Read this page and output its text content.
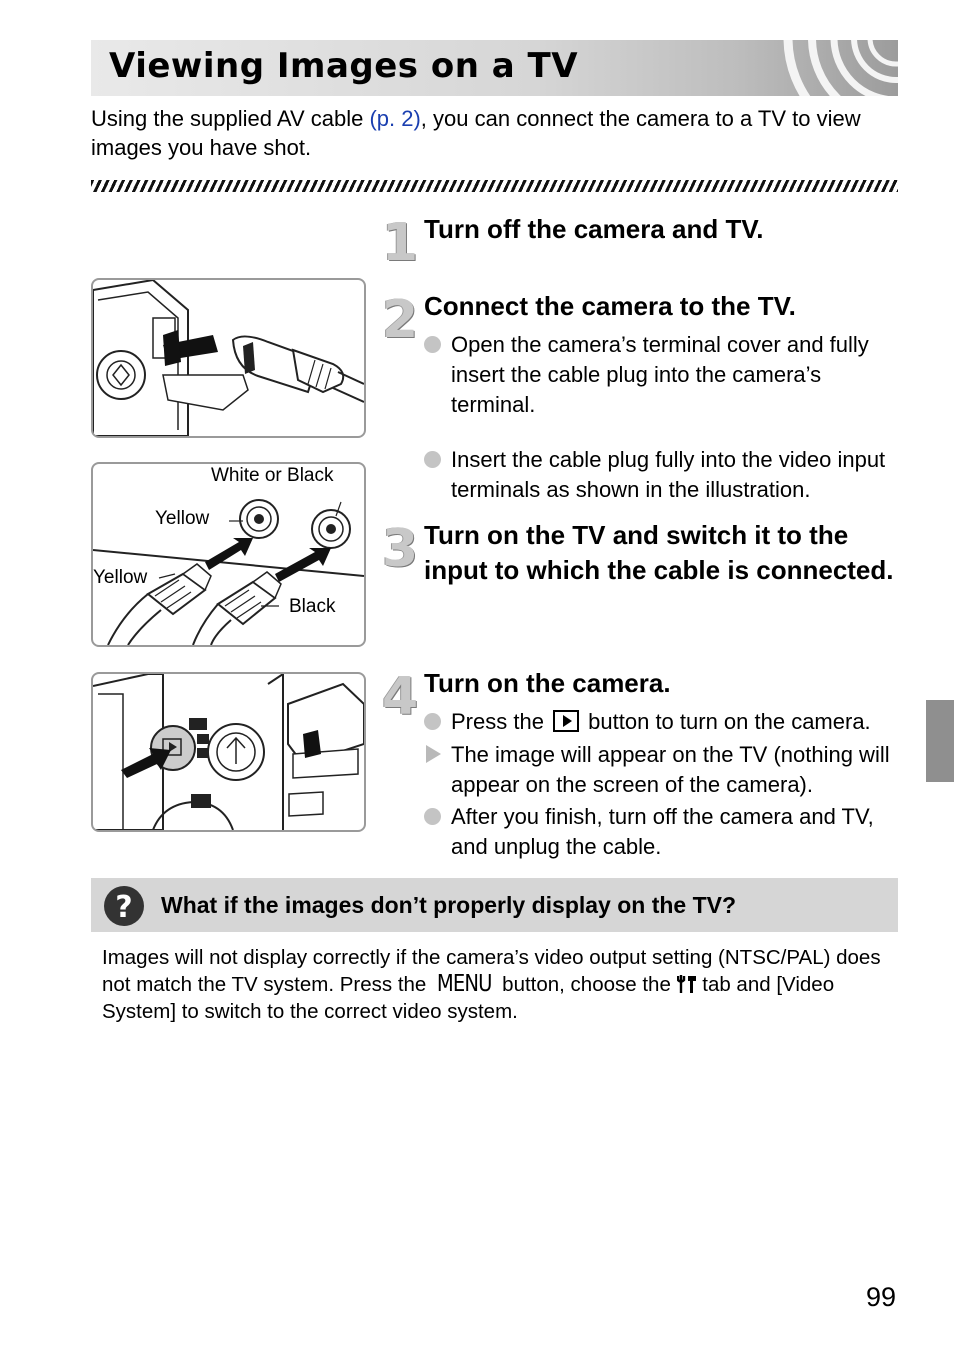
Viewing Images on a TV
Using the supplied AV cable (p. 2), you can connect the camera to a TV to view images you have shot.
1 Turn off the camera and TV.
2 Connect the camera to the TV.
Open the camera’s terminal cover and fully insert the cable plug into the camera’s terminal.
Insert the cable plug fully into the video input terminals as shown in the illustration.
3 Turn on the TV and switch it to the input to which the cable is connected.
4 Turn on the camera.
Press the  button to turn on the camera.
The image will appear on the TV (nothing will appear on the screen of the camera).
After you finish, turn off the camera and TV, and unplug the cable.
White or Black
Yellow
Yellow
Black
? What if the images don’t properly display on the TV?
Images will not display correctly if the camera’s video output setting (NTSC/PAL) does not match the TV system. Press the MENU button, choose the  tab and [Video System] to switch to the correct video system.
99
